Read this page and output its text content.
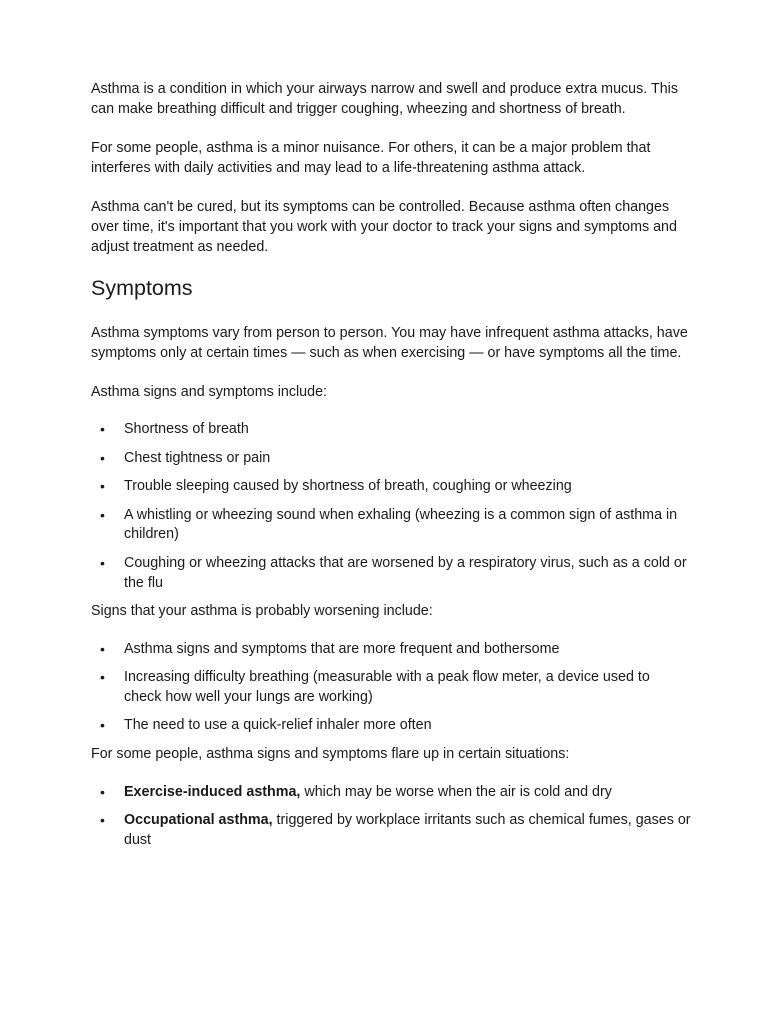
Asthma is a condition in which your airways narrow and swell and produce extra mucus. This can make breathing difficult and trigger coughing, wheezing and shortness of breath.

For some people, asthma is a minor nuisance. For others, it can be a major problem that interferes with daily activities and may lead to a life-threatening asthma attack.

Asthma can't be cured, but its symptoms can be controlled. Because asthma often changes over time, it's important that you work with your doctor to track your signs and symptoms and adjust treatment as needed.

Symptoms

Asthma symptoms vary from person to person. You may have infrequent asthma attacks, have symptoms only at certain times — such as when exercising — or have symptoms all the time.

Asthma signs and symptoms include:

• Shortness of breath
• Chest tightness or pain
• Trouble sleeping caused by shortness of breath, coughing or wheezing
• A whistling or wheezing sound when exhaling (wheezing is a common sign of asthma in children)
• Coughing or wheezing attacks that are worsened by a respiratory virus, such as a cold or the flu

Signs that your asthma is probably worsening include:

• Asthma signs and symptoms that are more frequent and bothersome
• Increasing difficulty breathing (measurable with a peak flow meter, a device used to check how well your lungs are working)
• The need to use a quick-relief inhaler more often

For some people, asthma signs and symptoms flare up in certain situations:

• Exercise-induced asthma, which may be worse when the air is cold and dry
• Occupational asthma, triggered by workplace irritants such as chemical fumes, gases or dust
